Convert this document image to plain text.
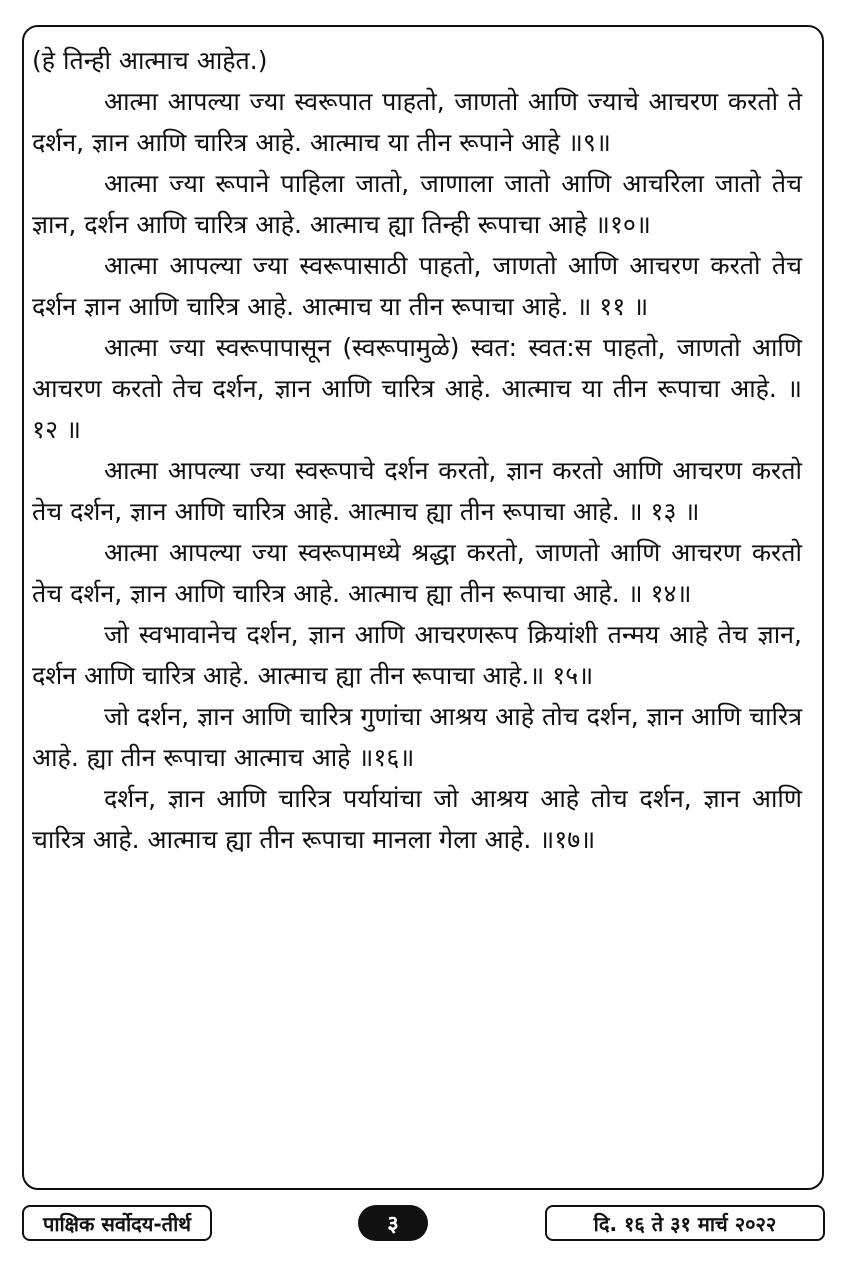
(हे तिन्ही आत्माच आहेत.)

आत्मा आपल्या ज्या स्वरूपात पाहतो, जाणतो आणि ज्याचे आचरण करतो ते दर्शन, ज्ञान आणि चारित्र आहे. आत्माच या तीन रूपाने आहे ॥९॥

आत्मा ज्या रूपाने पाहिला जातो, जाणाला जातो आणि आचरिला जातो तेच ज्ञान, दर्शन आणि चारित्र आहे. आत्माच ह्या तिन्ही रूपाचा आहे ॥१०॥

आत्मा आपल्या ज्या स्वरूपासाठी पाहतो, जाणतो आणि आचरण करतो तेच दर्शन ज्ञान आणि चारित्र आहे. आत्माच या तीन रूपाचा आहे. ॥ ११ ॥

आत्मा ज्या स्वरूपापासून (स्वरूपामुळे) स्वत: स्वत:स पाहतो, जाणतो आणि आचरण करतो तेच दर्शन, ज्ञान आणि चारित्र आहे. आत्माच या तीन रूपाचा आहे. ॥ १२ ॥

आत्मा आपल्या ज्या स्वरूपाचे दर्शन करतो, ज्ञान करतो आणि आचरण करतो तेच दर्शन, ज्ञान आणि चारित्र आहे. आत्माच ह्या तीन रूपाचा आहे. ॥ १३ ॥

आत्मा आपल्या ज्या स्वरूपामध्ये श्रद्धा करतो, जाणतो आणि आचरण करतो तेच दर्शन, ज्ञान आणि चारित्र आहे. आत्माच ह्या तीन रूपाचा आहे. ॥ १४॥

जो स्वभावानेच दर्शन, ज्ञान आणि आचरणरूप क्रियांशी तन्मय आहे तेच ज्ञान, दर्शन आणि चारित्र आहे. आत्माच ह्या तीन रूपाचा आहे.॥ १५॥

जो दर्शन, ज्ञान आणि चारित्र गुणांचा आश्रय आहे तोच दर्शन, ज्ञान आणि चारित्र आहे. ह्या तीन रूपाचा आत्माच आहे ॥१६॥

दर्शन, ज्ञान आणि चारित्र पर्यायांचा जो आश्रय आहे तोच दर्शन, ज्ञान आणि चारित्र आहे. आत्माच ह्या तीन रूपाचा मानला गेला आहे. ॥१७॥

पाक्षिक सर्वोदय-तीर्थ	३	दि. १६ ते ३१ मार्च २०२२
